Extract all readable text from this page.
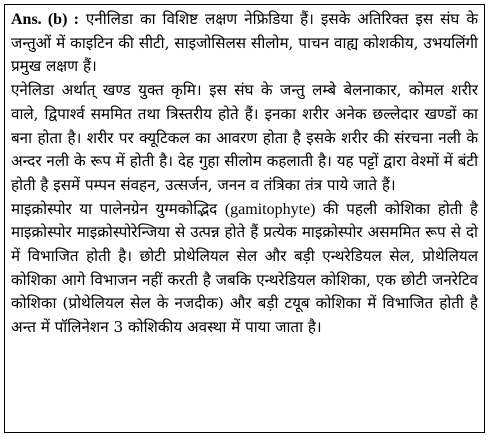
Ans. (b) : एनीलिडा का विशिष्ट लक्षण नेफ्रिडिया हैं। इसके अतिरिक्त इस संघ के जन्तुओं में काइटिन की सीटी, साइजोसिलस सीलोम, पाचन वाह्य कोशकीय, उभयलिंगी प्रमुख लक्षण हैं।

एनेलिडा अर्थात् खण्ड युक्त कृमि। इस संघ के जन्तु लम्बे बेलनाकार, कोमल शरीर वाले, द्विपार्श्व सममित तथा त्रिस्तरीय होते हैं। इनका शरीर अनेक छल्लेदार खण्डों का बना होता है। शरीर पर क्यूटिकल का आवरण होता है इसके शरीर की संरचना नली के अन्दर नली के रूप में होती है। देह गुहा सीलोम कहलाती है। यह पट्टों द्वारा वेश्मों में बंटी होती है इसमें पम्पन संवहन, उत्सर्जन, जनन व तंत्रिका तंत्र पाये जाते हैं।

माइक्रोस्पोर या पालेनग्रेन युग्मकोद्भिद (gamitophyte) की पहली कोशिका होती है माइक्रोस्पोर माइक्रोस्पोरेन्जिया से उत्पन्न होते हैं प्रत्येक माइक्रोस्पोर असममित रूप से दो में विभाजित होती है। छोटी प्रोथेलियल सेल और बड़ी एन्थरेडियल सेल, प्रोथेलियल कोशिका आगे विभाजन नहीं करती है जबकि एन्थरेडियल कोशिका, एक छोटी जनरेटिव कोशिका (प्रोथेलियल सेल के नजदीक) और बड़ी टयूब कोशिका में विभाजित होती है अन्त में पॉलिनेशन 3 कोशिकीय अवस्था में पाया जाता है।
